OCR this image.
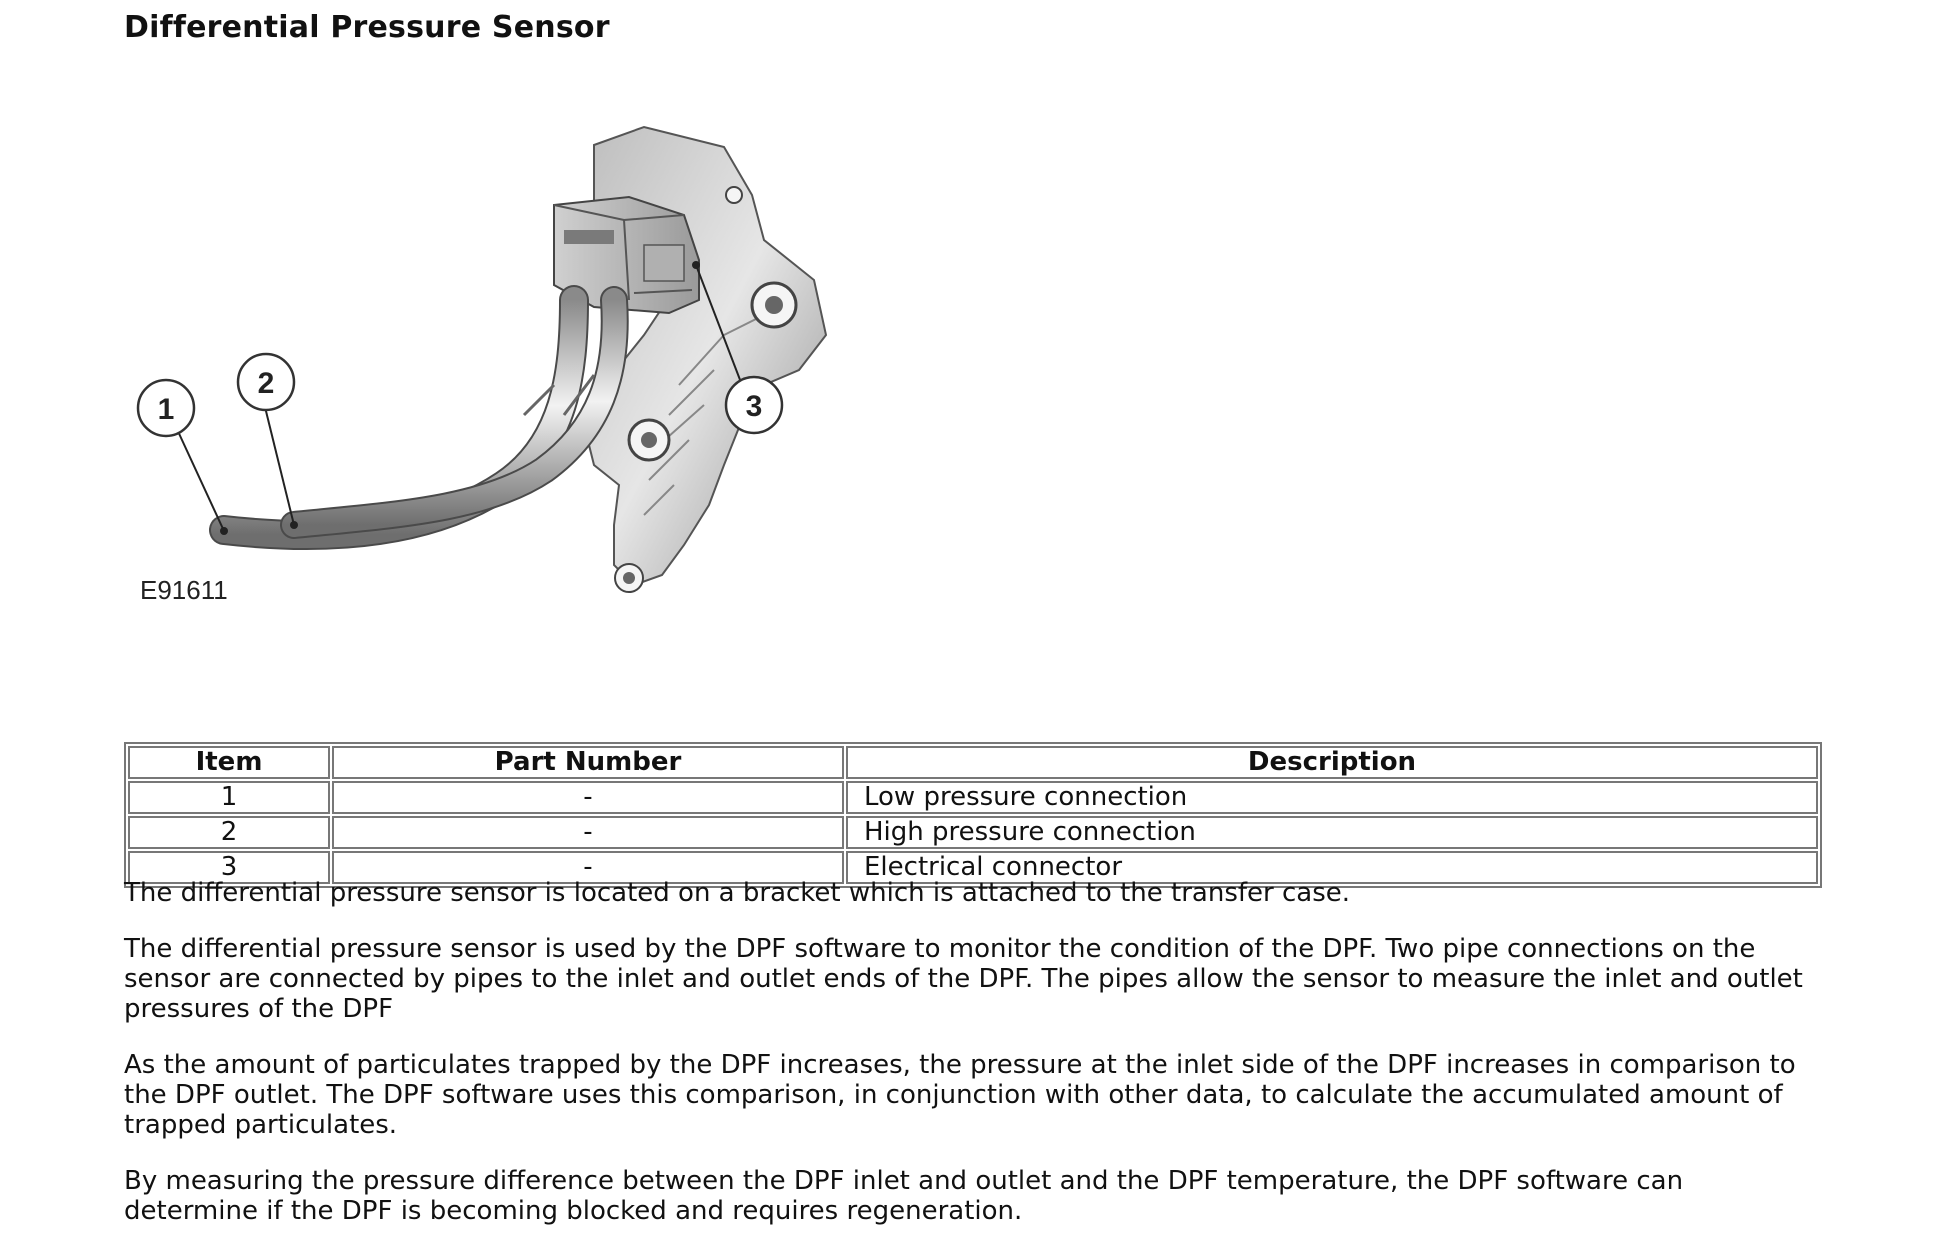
Differential Pressure Sensor
1
2
3
E91611
Item	Part Number	Description
1	-	Low pressure connection
2	-	High pressure connection
3	-	Electrical connector

The differential pressure sensor is located on a bracket which is attached to the transfer case.

The differential pressure sensor is used by the DPF software to monitor the condition of the DPF. Two pipe connections on the sensor are connected by pipes to the inlet and outlet ends of the DPF. The pipes allow the sensor to measure the inlet and outlet pressures of the DPF

As the amount of particulates trapped by the DPF increases, the pressure at the inlet side of the DPF increases in comparison to the DPF outlet. The DPF software uses this comparison, in conjunction with other data, to calculate the accumulated amount of trapped particulates.

By measuring the pressure difference between the DPF inlet and outlet and the DPF temperature, the DPF software can determine if the DPF is becoming blocked and requires regeneration.
